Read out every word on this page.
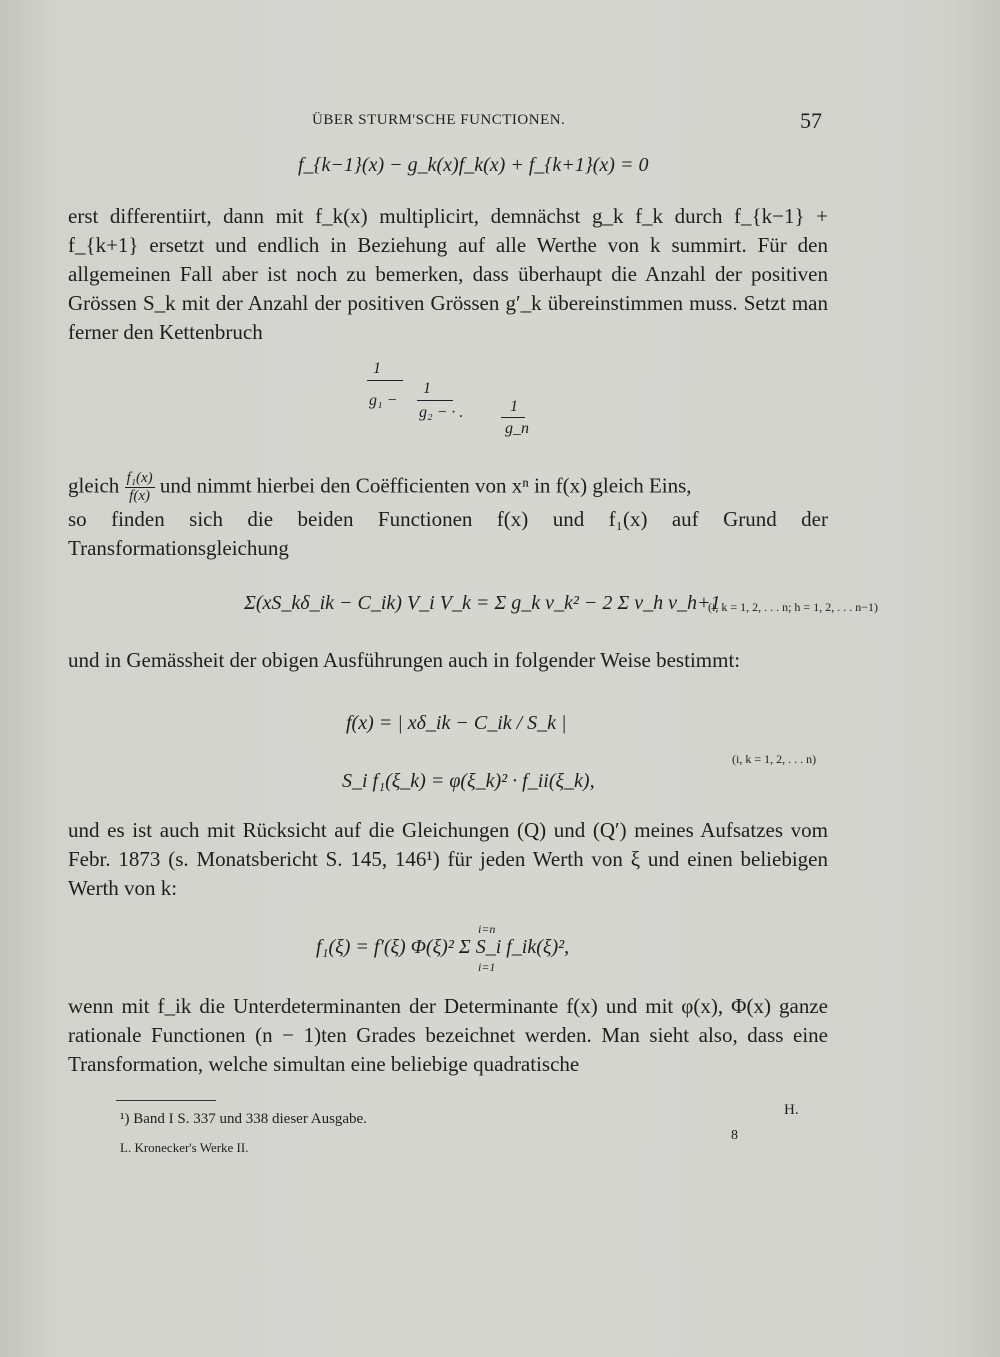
ÜBER STURM'SCHE FUNCTIONEN.	57
f_{k−1}(x) − g_k(x)f_k(x) + f_{k+1}(x) = 0

erst differentiirt, dann mit f_k(x) multiplicirt, demnächst g_k f_k durch f_{k−1} + f_{k+1} ersetzt und endlich in Beziehung auf alle Werthe von k summirt. Für den allgemeinen Fall aber ist noch zu bemerken, dass überhaupt die Anzahl der positiven Grössen S_k mit der Anzahl der positiven Grössen g′_k übereinstimmen muss. Setzt man ferner den Kettenbruch

1
g₁ −
1
g₂ − · .	1
g_n

gleich $\frac{\text{f₁(x)}}{f(x)}$ und nimmt hierbei den Coëfficienten von xⁿ in f(x) gleich Eins,

so finden sich die beiden Functionen f(x) und f₁(x) auf Grund der Transformationsgleichung

Σ(xS_kδ_ik − C_ik) V_i V_k = Σ g_k v_k² − 2 Σ v_h v_h+1
(i, k = 1, 2, . . . n; h = 1, 2, . . . n−1)

und in Gemässheit der obigen Ausführungen auch in folgender Weise bestimmt:

f(x) = | xδ_ik − C_ik / S_k |
(i, k = 1, 2, . . . n)
S_i f₁(ξ_k) = φ(ξ_k)² · f_ii(ξ_k),

und es ist auch mit Rücksicht auf die Gleichungen (Q) und (Q′) meines Aufsatzes vom Febr. 1873 (s. Monatsbericht S. 145, 146¹) für jeden Werth von ξ und einen beliebigen Werth von k:

i=n
f₁(ξ) = f′(ξ) Φ(ξ)² Σ S_i f_ik(ξ)²,
i=1

wenn mit f_ik die Unterdeterminanten der Determinante f(x) und mit φ(x), Φ(x) ganze rationale Functionen (n − 1)ten Grades bezeichnet werden. Man sieht also, dass eine Transformation, welche simultan eine beliebige quadratische

¹) Band I S. 337 und 338 dieser Ausgabe.
L. Kronecker's Werke II.
H.
8
